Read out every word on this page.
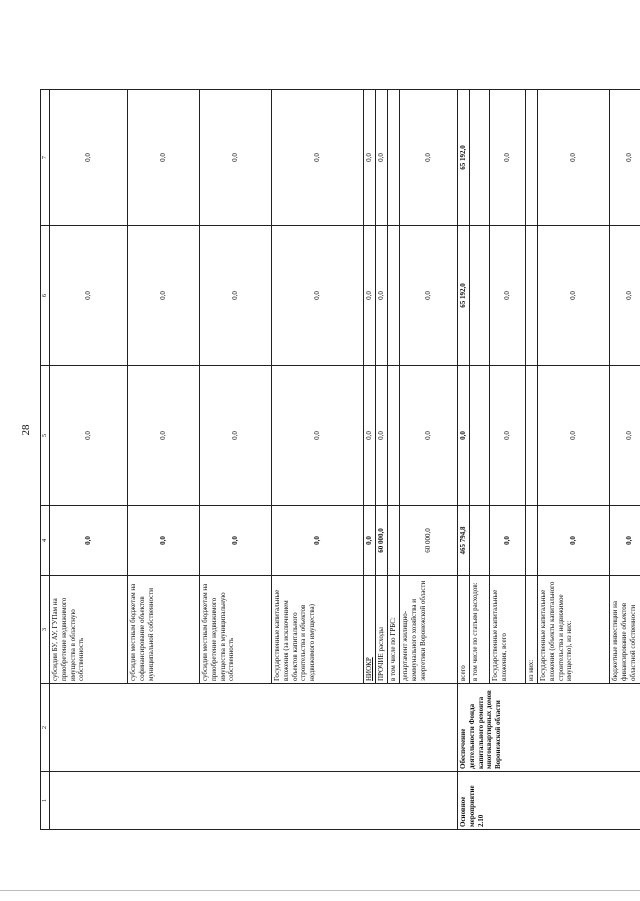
28
1	2	3	4	5	6	7
		субсидии БУ, АУ, ГУПам на приобретение недвижимого имущества в областную собственность	0,0	0,0	0,0	0,0
		субсидии местным бюджетам на софинансирование объектов муниципальной собственности	0,0	0,0	0,0	0,0
		субсидии местным бюджетам на приобретение недвижимого имущества в муниципальную собственность	0,0	0,0	0,0	0,0
		Государственные капитальные вложения (за исключением объектов капитального строительства и объектов недвижимого имущества)	0,0	0,0	0,0	0,0
		НИОКР	0,0	0,0	0,0	0,0
		ПРОЧИЕ расходы	60 000,0	0,0	0,0	0,0
		в том числе по ГРБС:				
		департамент жилищно-коммунального хозяйства и энергетики Воронежской области	60 000,0	0,0	0,0	0,0
Основное мероприятие 2.10	Обеспечение деятельности Фонда капитального ремонта многоквартирных домов Воронежской области	всего	465 794,8	0,0	65 192,0	65 192,0
		в том числе по статьям расходов:				
		Государственные капитальные вложения, всего	0,0	0,0	0,0	0,0
		из них:				
		Государственные капитальные вложения (объекты капитального строительства и недвижимое имущество), из них:	0,0	0,0	0,0	0,0
		бюджетные инвестиции на финансирование объектов областной собственности	0,0	0,0	0,0	0,0
